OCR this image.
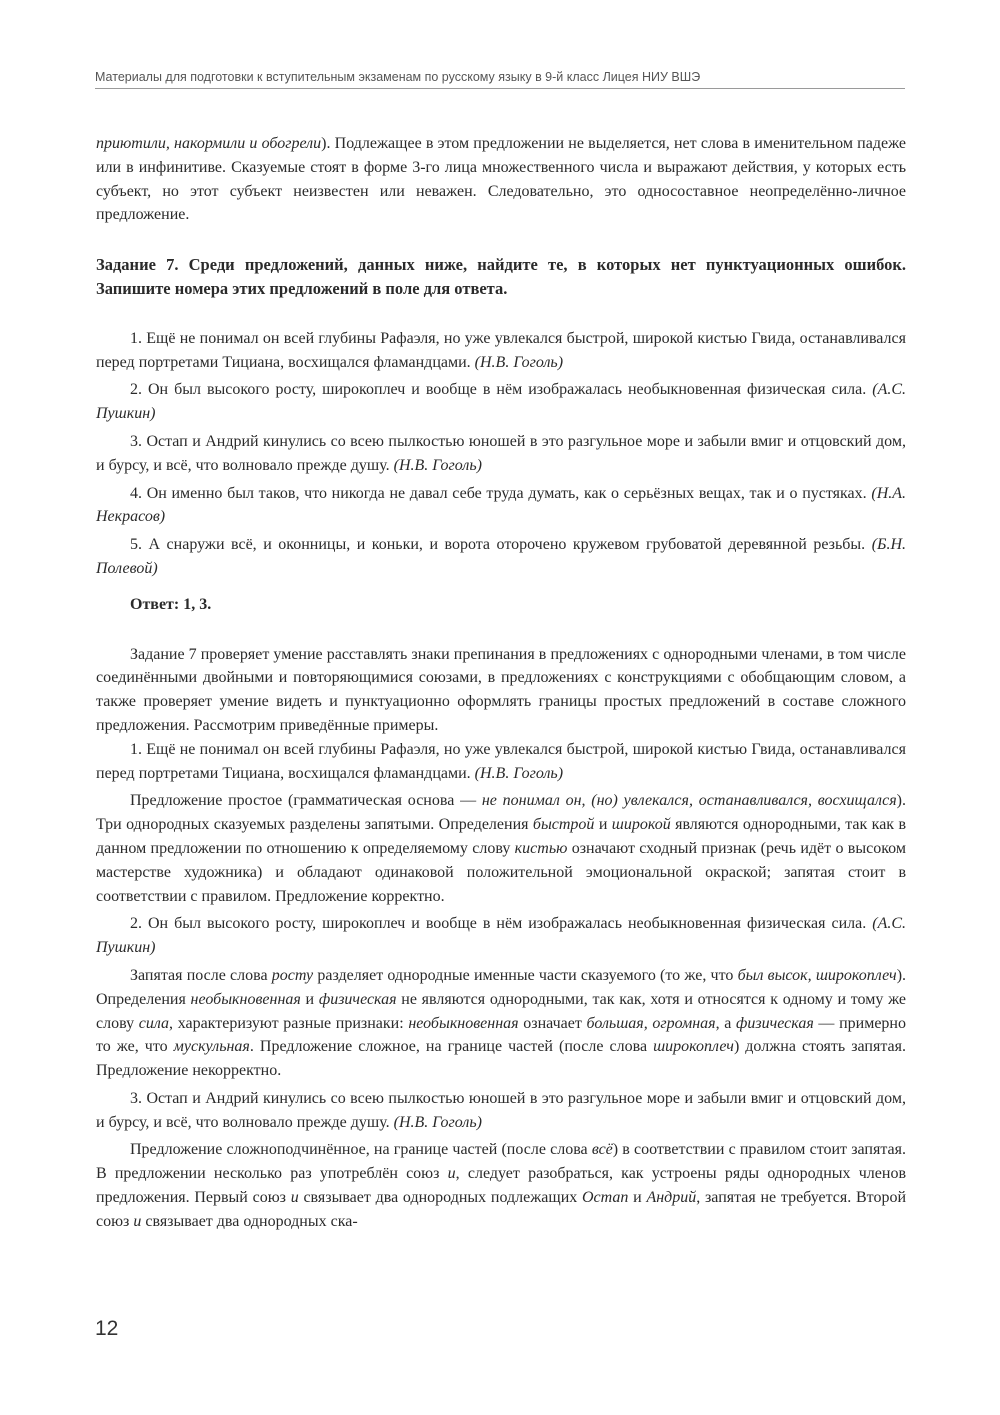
Материалы для подготовки к вступительным экзаменам по русскому языку в 9-й класс Лицея НИУ ВШЭ

приютили, накормили и обогрели). Подлежащее в этом предложении не выделяется, нет слова в именительном падеже или в инфинитиве. Сказуемые стоят в форме 3-го лица множественного числа и выражают действия, у которых есть субъект, но этот субъект неизвестен или неважен. Следовательно, это односоставное неопределённо-личное предложение.

Задание 7. Среди предложений, данных ниже, найдите те, в которых нет пунктуационных ошибок. Запишите номера этих предложений в поле для ответа.

1. Ещё не понимал он всей глубины Рафаэля, но уже увлекался быстрой, широкой кистью Гвида, останавливался перед портретами Тициана, восхищался фламандцами. (Н.В. Гоголь)

2. Он был высокого росту, широкоплеч и вообще в нём изображалась необыкновенная физическая сила. (А.С. Пушкин)

3. Остап и Андрий кинулись со всею пылкостью юношей в это разгульное море и забыли вмиг и отцовский дом, и бурсу, и всё, что волновало прежде душу. (Н.В. Гоголь)

4. Он именно был таков, что никогда не давал себе труда думать, как о серьёзных вещах, так и о пустяках. (Н.А. Некрасов)

5. А снаружи всё, и оконницы, и коньки, и ворота оторочено кружевом грубоватой деревянной резьбы. (Б.Н. Полевой)

Ответ: 1, 3.

Задание 7 проверяет умение расставлять знаки препинания в предложениях с однородными членами, в том числе соединёнными двойными и повторяющимися союзами, в предложениях с конструкциями с обобщающим словом, а также проверяет умение видеть и пунктуационно оформлять границы простых предложений в составе сложного предложения. Рассмотрим приведённые примеры.

1. Ещё не понимал он всей глубины Рафаэля, но уже увлекался быстрой, широкой кистью Гвида, останавливался перед портретами Тициана, восхищался фламандцами. (Н.В. Гоголь)

Предложение простое (грамматическая основа — не понимал он, (но) увлекался, останавливался, восхищался). Три однородных сказуемых разделены запятыми. Определения быстрой и широкой являются однородными, так как в данном предложении по отношению к определяемому слову кистью означают сходный признак (речь идёт о высоком мастерстве художника) и обладают одинаковой положительной эмоциональной окраской; запятая стоит в соответствии с правилом. Предложение корректно.

2. Он был высокого росту, широкоплеч и вообще в нём изображалась необыкновенная физическая сила. (А.С. Пушкин)

Запятая после слова росту разделяет однородные именные части сказуемого (то же, что был высок, широкоплеч). Определения необыкновенная и физическая не являются однородными, так как, хотя и относятся к одному и тому же слову сила, характеризуют разные признаки: необыкновенная означает большая, огромная, а физическая — примерно то же, что мускульная. Предложение сложное, на границе частей (после слова широкоплеч) должна стоять запятая. Предложение некорректно.

3. Остап и Андрий кинулись со всею пылкостью юношей в это разгульное море и забыли вмиг и отцовский дом, и бурсу, и всё, что волновало прежде душу. (Н.В. Гоголь)

Предложение сложноподчинённое, на границе частей (после слова всё) в соответствии с правилом стоит запятая. В предложении несколько раз употреблён союз и, следует разобраться, как устроены ряды однородных членов предложения. Первый союз и связывает два однородных подлежащих Остап и Андрий, запятая не требуется. Второй союз и связывает два однородных ска-

12
